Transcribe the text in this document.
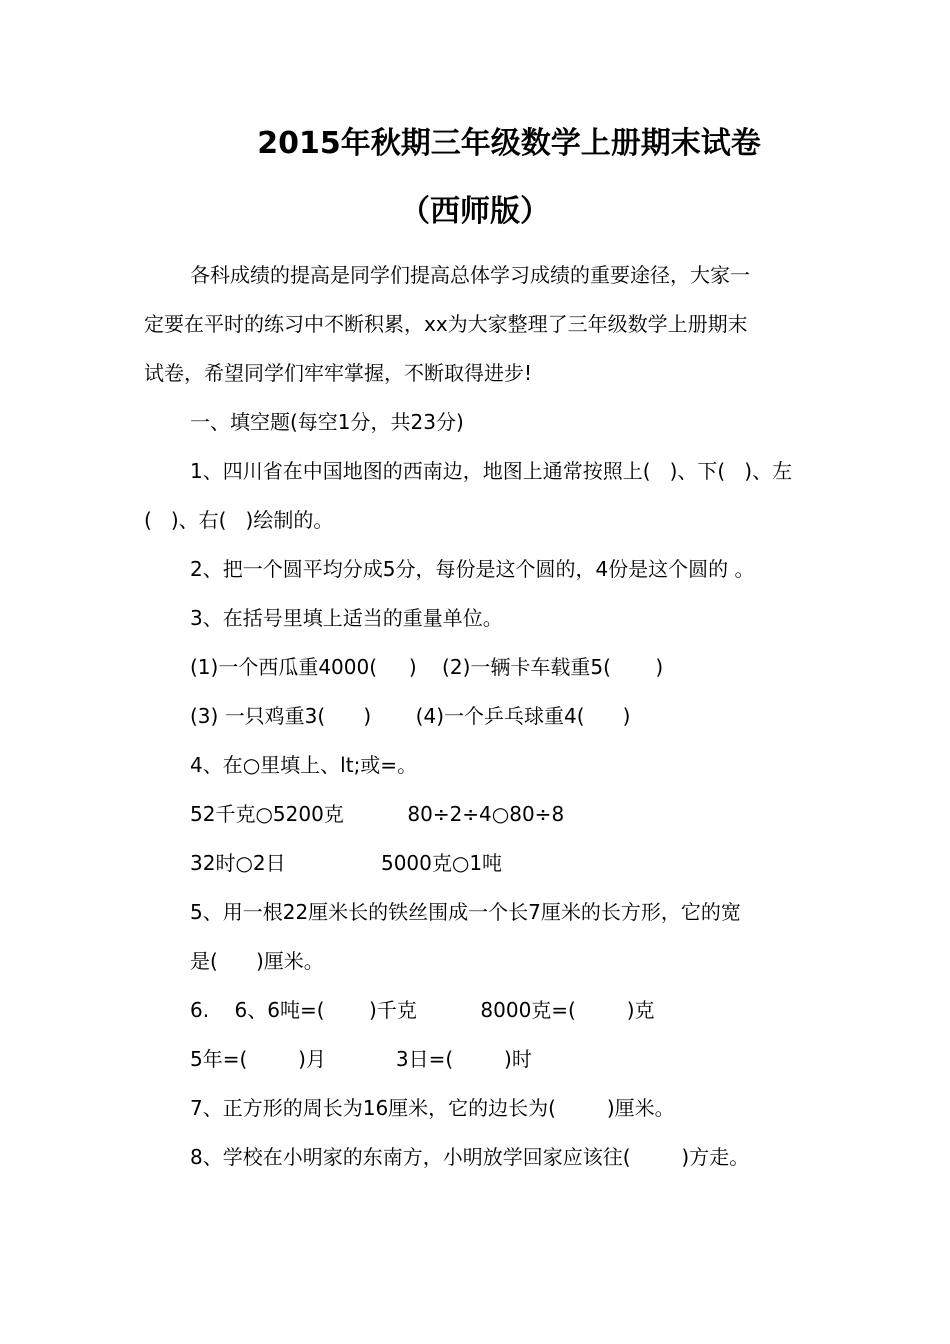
2015年秋期三年级数学上册期末试卷
（西师版）
各科成绩的提高是同学们提高总体学习成绩的重要途径，大家一
定要在平时的练习中不断积累，xx为大家整理了三年级数学上册期末
试卷，希望同学们牢牢掌握，不断取得进步!
一、填空题(每空1分，共23分)
1、四川省在中国地图的西南边，地图上通常按照上(   )、下(   )、左
(   )、右(   )绘制的。
2、把一个圆平均分成5分，每份是这个圆的，4份是这个圆的 。
3、在括号里填上适当的重量单位。
(1)一个西瓜重4000(     )    (2)一辆卡车载重5(       )
(3) 一只鸡重3(      )       (4)一个乒乓球重4(      )
4、在○里填上、lt;或=。
52千克○5200克          80÷2÷4○80÷8
32时○2日               5000克○1吨
5、用一根22厘米长的铁丝围成一个长7厘米的长方形，它的宽
是(      )厘米。
6.    6、6吨=(       )千克          8000克=(        )克
5年=(        )月           3日=(        )时
7、正方形的周长为16厘米，它的边长为(        )厘米。
8、学校在小明家的东南方，小明放学回家应该往(        )方走。
